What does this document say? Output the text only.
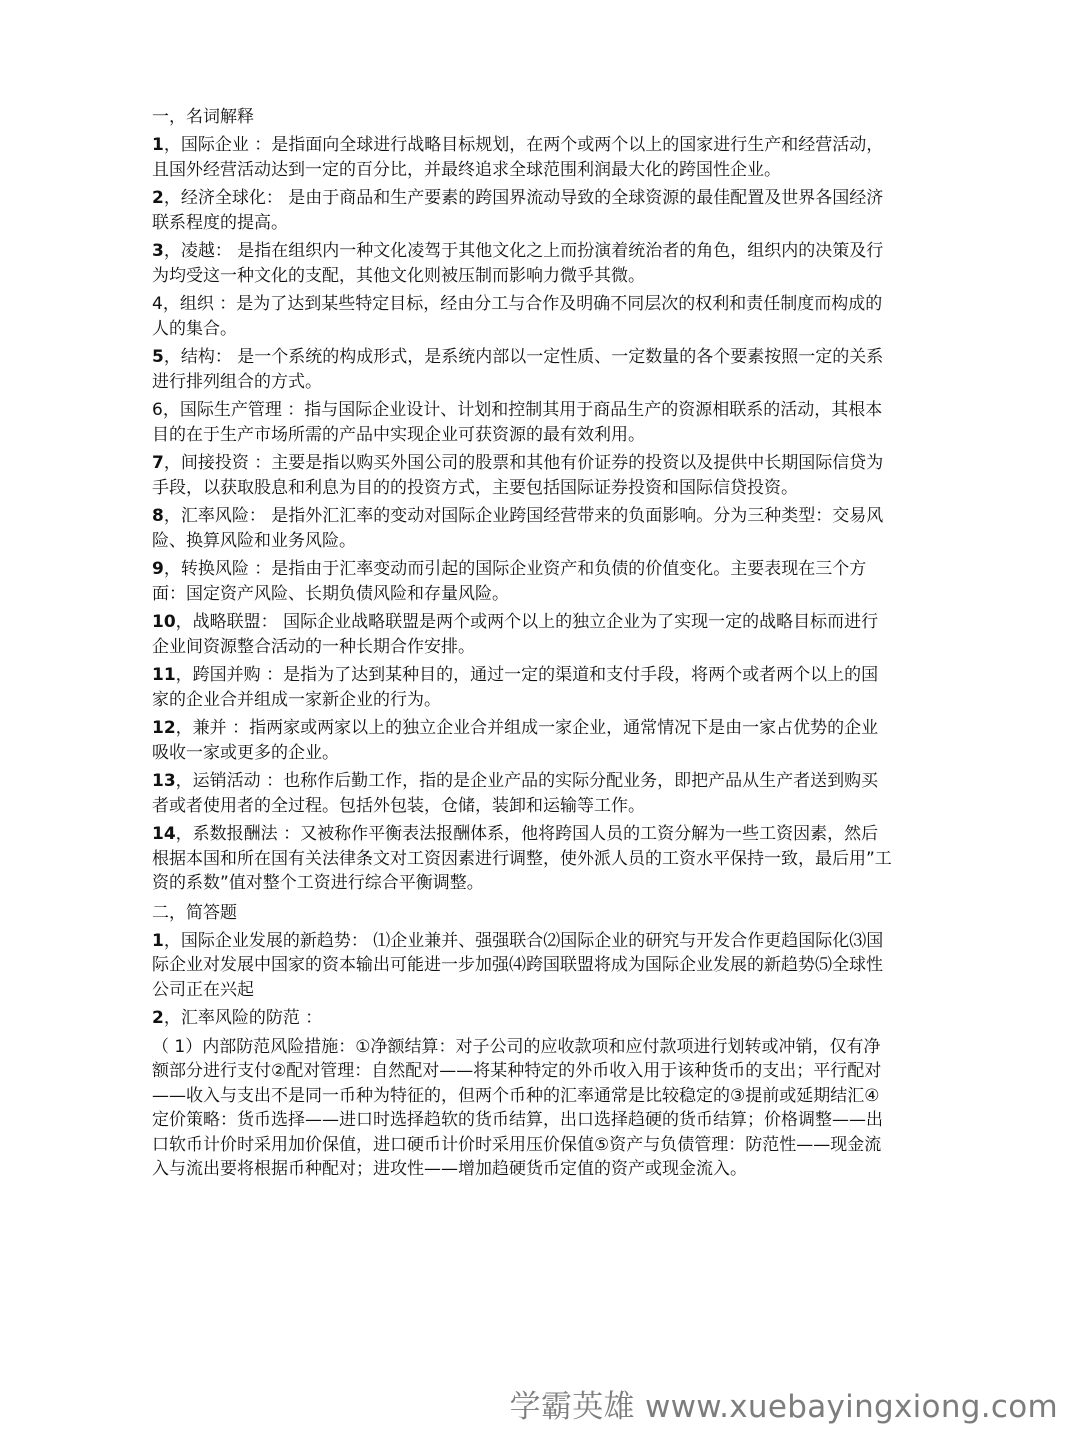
一，名词解释

1，国际企业 ：是指面向全球进行战略目标规划，在两个或两个以上的国家进行生产和经营活动，且国外经营活动达到一定的百分比，并最终追求全球范围利润最大化的跨国性企业。

2，经济全球化： 是由于商品和生产要素的跨国界流动导致的全球资源的最佳配置及世界各国经济联系程度的提高。

3，凌越： 是指在组织内一种文化凌驾于其他文化之上而扮演着统治者的角色，组织内的决策及行为均受这一种文化的支配，其他文化则被压制而影响力微乎其微。

4，组织 ：是为了达到某些特定目标，经由分工与合作及明确不同层次的权利和责任制度而构成的人的集合。

5，结构： 是一个系统的构成形式，是系统内部以一定性质、一定数量的各个要素按照一定的关系进行排列组合的方式。

6，国际生产管理 ：指与国际企业设计、计划和控制其用于商品生产的资源相联系的活动，其根本目的在于生产市场所需的产品中实现企业可获资源的最有效利用。

7，间接投资 ：主要是指以购买外国公司的股票和其他有价证券的投资以及提供中长期国际信贷为手段，以获取股息和利息为目的的投资方式，主要包括国际证券投资和国际信贷投资。

8，汇率风险： 是指外汇汇率的变动对国际企业跨国经营带来的负面影响。分为三种类型：交易风险、换算风险和业务风险。

9，转换风险 ：是指由于汇率变动而引起的国际企业资产和负债的价值变化。主要表现在三个方面：国定资产风险、长期负债风险和存量风险。

10，战略联盟： 国际企业战略联盟是两个或两个以上的独立企业为了实现一定的战略目标而进行企业间资源整合活动的一种长期合作安排。

11，跨国并购 ：是指为了达到某种目的，通过一定的渠道和支付手段，将两个或者两个以上的国家的企业合并组成一家新企业的行为。

12，兼并 ：指两家或两家以上的独立企业合并组成一家企业，通常情况下是由一家占优势的企业吸收一家或更多的企业。

13，运销活动 ：也称作后勤工作，指的是企业产品的实际分配业务，即把产品从生产者送到购买者或者使用者的全过程。包括外包装，仓储，装卸和运输等工作。

14，系数报酬法 ：又被称作平衡表法报酬体系，他将跨国人员的工资分解为一些工资因素，然后根据本国和所在国有关法律条文对工资因素进行调整，使外派人员的工资水平保持一致，最后用”工资的系数”值对整个工资进行综合平衡调整。

二，简答题

1，国际企业发展的新趋势： ⑴企业兼并、强强联合⑵国际企业的研究与开发合作更趋国际化⑶国际企业对发展中国家的资本输出可能进一步加强⑷跨国联盟将成为国际企业发展的新趋势⑸全球性公司正在兴起

2，汇率风险的防范 ：

（ 1）内部防范风险措施：①净额结算：对子公司的应收款项和应付款项进行划转或冲销，仅有净额部分进行支付②配对管理：自然配对——将某种特定的外币收入用于该种货币的支出；平行配对——收入与支出不是同一币种为特征的，但两个币种的汇率通常是比较稳定的③提前或延期结汇④定价策略：货币选择——进口时选择趋软的货币结算，出口选择趋硬的货币结算；价格调整——出口软币计价时采用加价保值，进口硬币计价时采用压价保值⑤资产与负债管理：防范性——现金流入与流出要将根据币种配对；进攻性——增加趋硬货币定值的资产或现金流入。

学霸英雄 www.xuebayingxiong.com
